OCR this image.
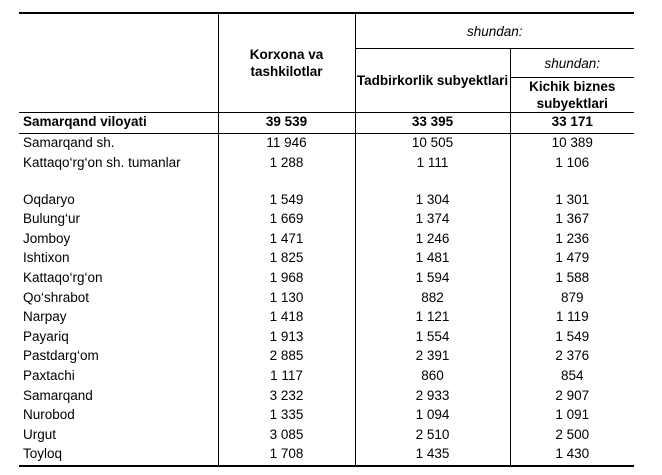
	Korxona va tashkilotlar	shundan:	
		Tadbirkorlik subyektlari	shundan:
			Kichik biznes subyektlari
Samarqand viloyati	39 539	33 395	33 171
Samarqand sh.	11 946	10 505	10 389
Kattaqo‘rg‘on sh. tumanlar	1 288	1 111	1 106
Oqdaryo	1 549	1 304	1 301
Bulung‘ur	1 669	1 374	1 367
Jomboy	1 471	1 246	1 236
Ishtixon	1 825	1 481	1 479
Kattaqo‘rg‘on	1 968	1 594	1 588
Qo‘shrabot	1 130	882	879
Narpay	1 418	1 121	1 119
Payariq	1 913	1 554	1 549
Pastdarg‘om	2 885	2 391	2 376
Paxtachi	1 117	860	854
Samarqand	3 232	2 933	2 907
Nurobod	1 335	1 094	1 091
Urgut	3 085	2 510	2 500
Toyloq	1 708	1 435	1 430
